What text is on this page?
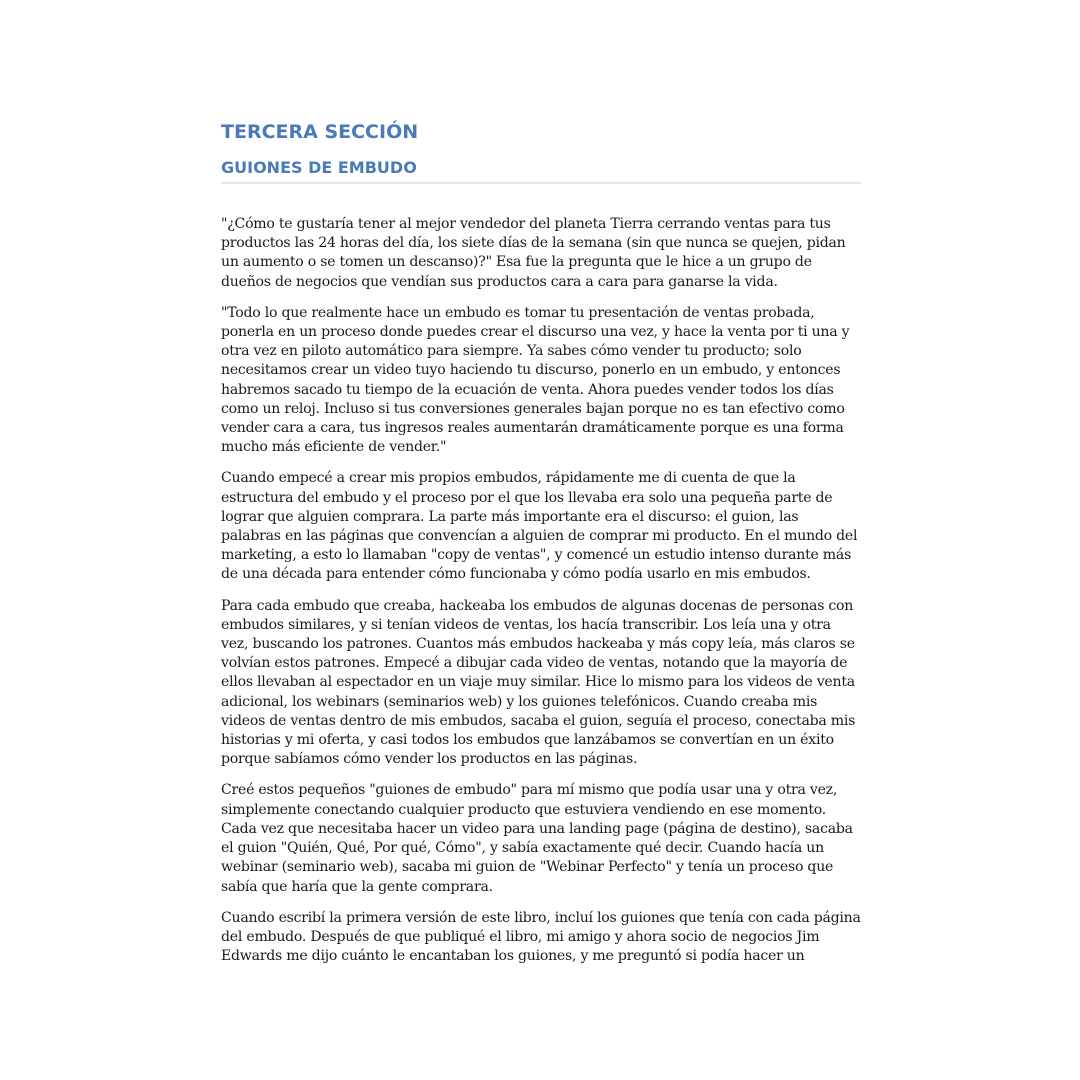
TERCERA SECCIÓN
GUIONES DE EMBUDO

"¿Cómo te gustaría tener al mejor vendedor del planeta Tierra cerrando ventas para tus productos las 24 horas del día, los siete días de la semana (sin que nunca se quejen, pidan un aumento o se tomen un descanso)?" Esa fue la pregunta que le hice a un grupo de dueños de negocios que vendían sus productos cara a cara para ganarse la vida.

"Todo lo que realmente hace un embudo es tomar tu presentación de ventas probada, ponerla en un proceso donde puedes crear el discurso una vez, y hace la venta por ti una y otra vez en piloto automático para siempre. Ya sabes cómo vender tu producto; solo necesitamos crear un video tuyo haciendo tu discurso, ponerlo en un embudo, y entonces habremos sacado tu tiempo de la ecuación de venta. Ahora puedes vender todos los días como un reloj. Incluso si tus conversiones generales bajan porque no es tan efectivo como vender cara a cara, tus ingresos reales aumentarán dramáticamente porque es una forma mucho más eficiente de vender."

Cuando empecé a crear mis propios embudos, rápidamente me di cuenta de que la estructura del embudo y el proceso por el que los llevaba era solo una pequeña parte de lograr que alguien comprara. La parte más importante era el discurso: el guion, las palabras en las páginas que convencían a alguien de comprar mi producto. En el mundo del marketing, a esto lo llamaban "copy de ventas", y comencé un estudio intenso durante más de una década para entender cómo funcionaba y cómo podía usarlo en mis embudos.

Para cada embudo que creaba, hackeaba los embudos de algunas docenas de personas con embudos similares, y si tenían videos de ventas, los hacía transcribir. Los leía una y otra vez, buscando los patrones. Cuantos más embudos hackeaba y más copy leía, más claros se volvían estos patrones. Empecé a dibujar cada video de ventas, notando que la mayoría de ellos llevaban al espectador en un viaje muy similar. Hice lo mismo para los videos de venta adicional, los webinars (seminarios web) y los guiones telefónicos. Cuando creaba mis videos de ventas dentro de mis embudos, sacaba el guion, seguía el proceso, conectaba mis historias y mi oferta, y casi todos los embudos que lanzábamos se convertían en un éxito porque sabíamos cómo vender los productos en las páginas.

Creé estos pequeños "guiones de embudo" para mí mismo que podía usar una y otra vez, simplemente conectando cualquier producto que estuviera vendiendo en ese momento. Cada vez que necesitaba hacer un video para una landing page (página de destino), sacaba el guion "Quién, Qué, Por qué, Cómo", y sabía exactamente qué decir. Cuando hacía un webinar (seminario web), sacaba mi guion de "Webinar Perfecto" y tenía un proceso que sabía que haría que la gente comprara.

Cuando escribí la primera versión de este libro, incluí los guiones que tenía con cada página del embudo. Después de que publiqué el libro, mi amigo y ahora socio de negocios Jim Edwards me dijo cuánto le encantaban los guiones, y me preguntó si podía hacer un
